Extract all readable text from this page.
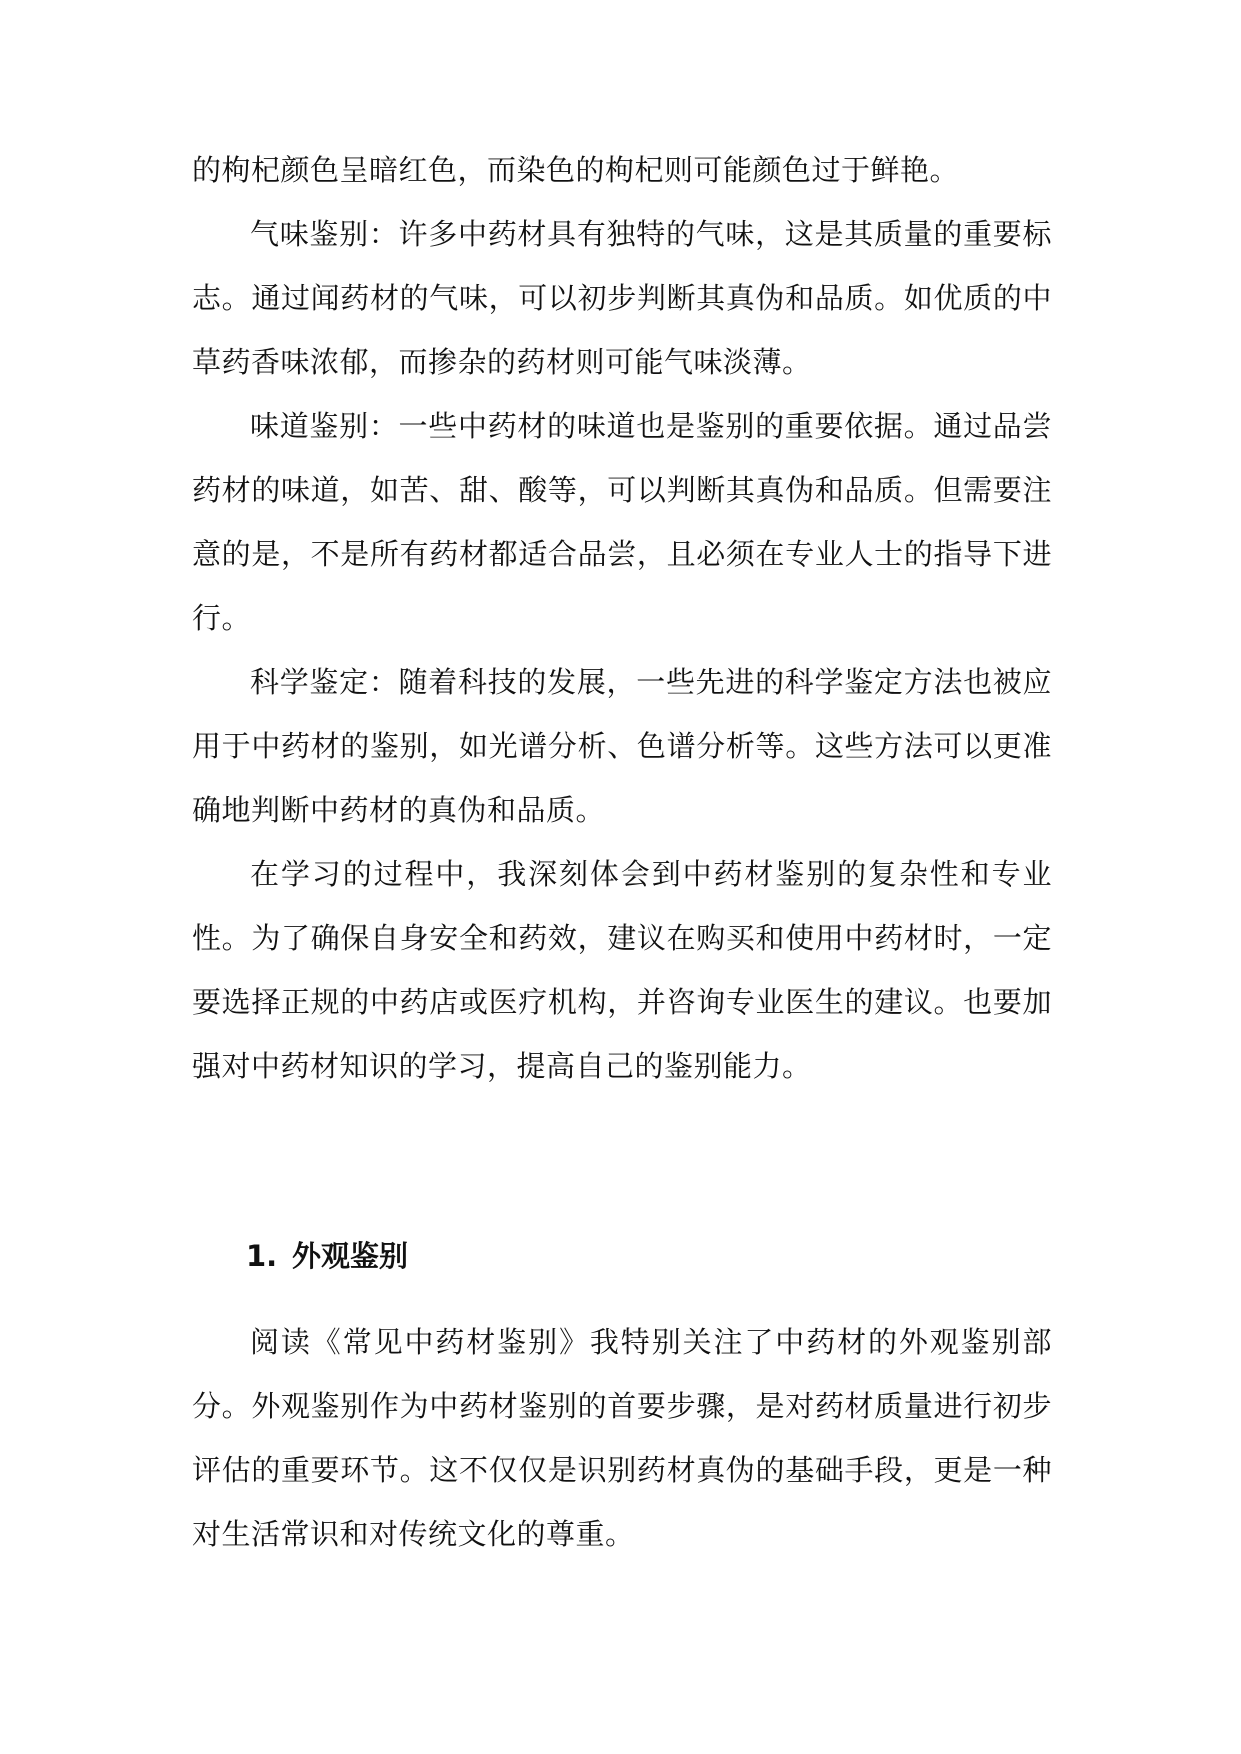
的枸杞颜色呈暗红色，而染色的枸杞则可能颜色过于鲜艳。

气味鉴别：许多中药材具有独特的气味，这是其质量的重要标志。通过闻药材的气味，可以初步判断其真伪和品质。如优质的中草药香味浓郁，而掺杂的药材则可能气味淡薄。

味道鉴别：一些中药材的味道也是鉴别的重要依据。通过品尝药材的味道，如苦、甜、酸等，可以判断其真伪和品质。但需要注意的是，不是所有药材都适合品尝，且必须在专业人士的指导下进行。

科学鉴定：随着科技的发展，一些先进的科学鉴定方法也被应用于中药材的鉴别，如光谱分析、色谱分析等。这些方法可以更准确地判断中药材的真伪和品质。

在学习的过程中，我深刻体会到中药材鉴别的复杂性和专业性。为了确保自身安全和药效，建议在购买和使用中药材时，一定要选择正规的中药店或医疗机构，并咨询专业医生的建议。也要加强对中药材知识的学习，提高自己的鉴别能力。

1. 外观鉴别

阅读《常见中药材鉴别》我特别关注了中药材的外观鉴别部分。外观鉴别作为中药材鉴别的首要步骤，是对药材质量进行初步评估的重要环节。这不仅仅是识别药材真伪的基础手段，更是一种对生活常识和对传统文化的尊重。
